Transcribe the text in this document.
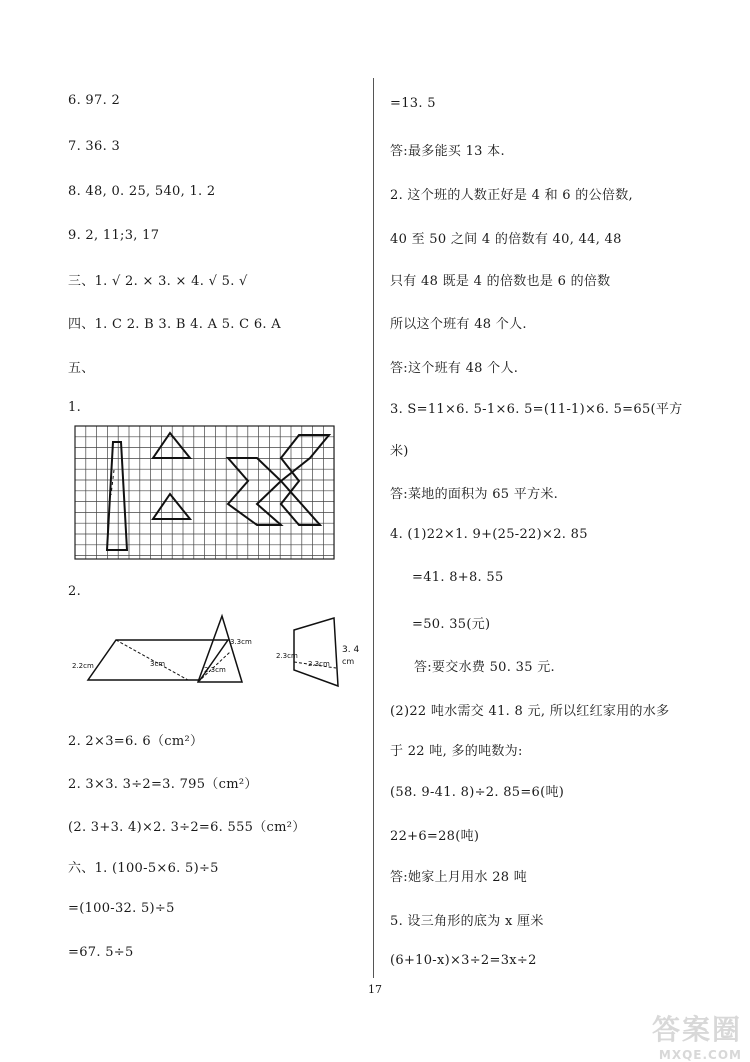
6. 97. 2
7. 36. 3
8. 48, 0. 25, 540, 1. 2
9. 2, 11;3, 17
三、1. √ 2. × 3. × 4. √ 5. √
四、1. C 2. B 3. B 4. A 5. C 6. A
五、
1.
2.
2. 2×3=6. 6（cm²）
2. 3×3. 3÷2=3. 795（cm²）
(2. 3+3. 4)×2. 3÷2=6. 555（cm²）
六、1. (100-5×6. 5)÷5
=(100-32. 5)÷5
=67. 5÷5
2.2cm	3cm
3.3cm
2.3cm
2.3cm
2.3cm
3. 4
cm
=13. 5
答:最多能买 13 本.
2. 这个班的人数正好是 4 和 6 的公倍数,
40 至 50 之间 4 的倍数有 40, 44, 48
只有 48 既是 4 的倍数也是 6 的倍数
所以这个班有 48 个人.
答:这个班有 48 个人.
3. S=11×6. 5-1×6. 5=(11-1)×6. 5=65(平方
米)
答:菜地的面积为 65 平方米.
4. (1)22×1. 9+(25-22)×2. 85
=41. 8+8. 55
=50. 35(元)
答:要交水费 50. 35 元.
(2)22 吨水需交 41. 8 元, 所以红红家用的水多
于 22 吨, 多的吨数为:
(58. 9-41. 8)÷2. 85=6(吨)
22+6=28(吨)
答:她家上月用水 28 吨
5. 设三角形的底为 x 厘米
(6+10-x)×3÷2=3x÷2
17
答案圈
MXQE.COM
